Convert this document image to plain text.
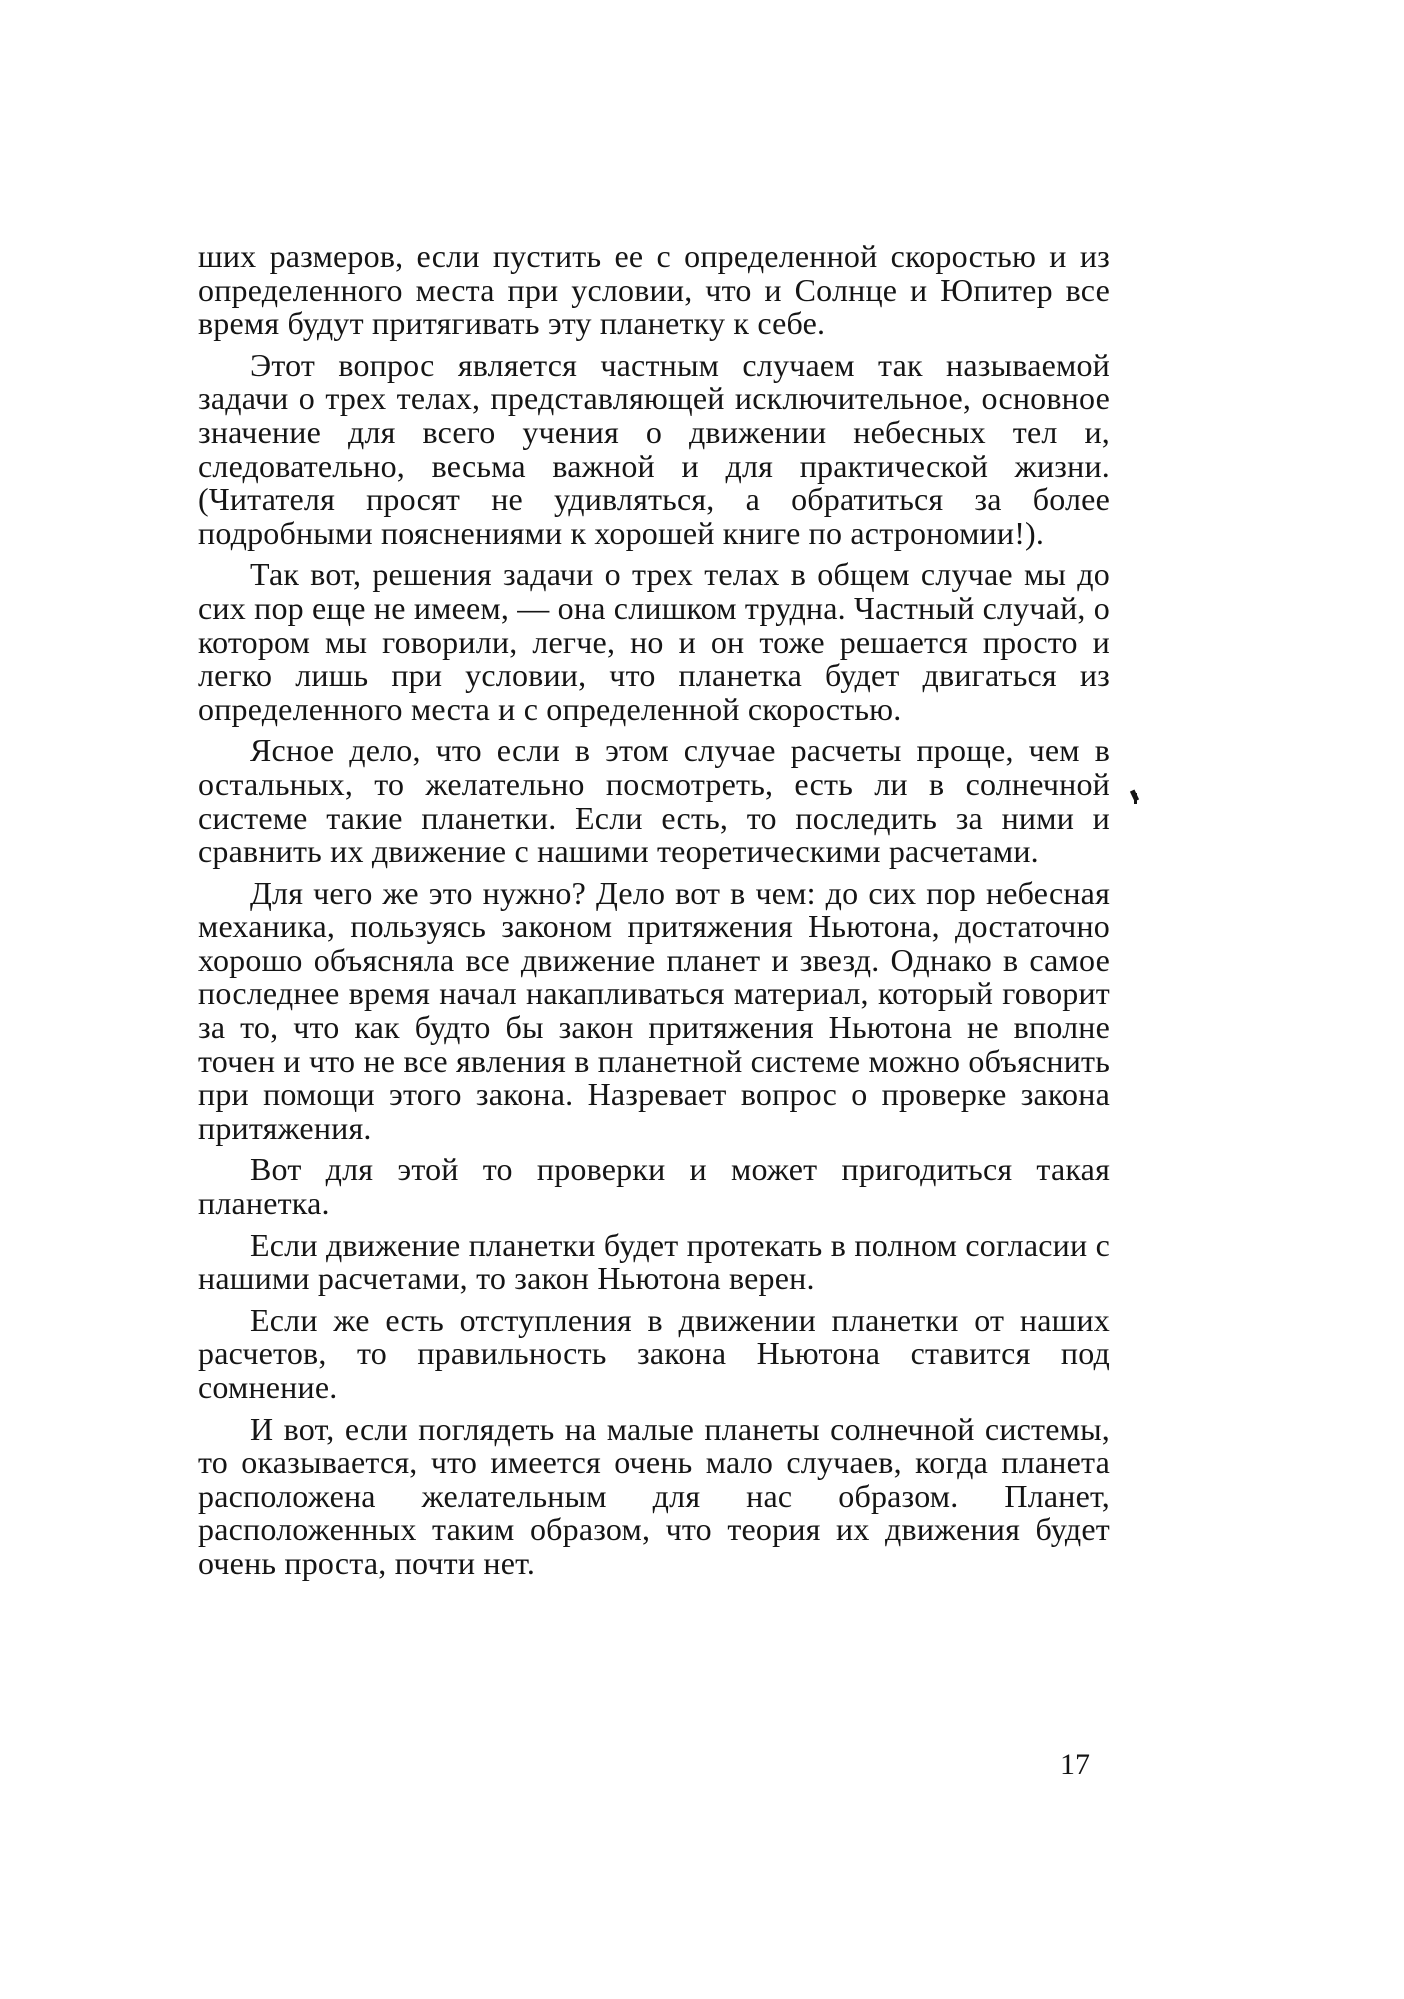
ших размеров, если пустить ее с определенной скоростью и из определенного места при условии, что и Солнце и Юпитер все время будут притягивать эту планетку к себе.

Этот вопрос является частным случаем так называемой задачи о трех телах, представляющей исключительное, основное значение для всего учения о движении небесных тел и, следовательно, весьма важной и для практической жизни. (Читателя просят не удивляться, а обратиться за более подробными пояснениями к хорошей книге по астрономии!).

Так вот, решения задачи о трех телах в общем случае мы до сих пор еще не имеем, — она слишком трудна. Частный случай, о котором мы говорили, легче, но и он тоже решается просто и легко лишь при условии, что планетка будет двигаться из определенного места и с определенной скоростью.

Ясное дело, что если в этом случае расчеты проще, чем в остальных, то желательно посмотреть, есть ли в солнечной системе такие планетки. Если есть, то последить за ними и сравнить их движение с нашими теоретическими расчетами.

Для чего же это нужно? Дело вот в чем: до сих пор небесная механика, пользуясь законом притяжения Ньютона, достаточно хорошо объясняла все движение планет и звезд. Однако в самое последнее время начал накапливаться материал, который говорит за то, что как будто бы закон притяжения Ньютона не вполне точен и что не все явления в планетной системе можно объяснить при помощи этого закона. Назревает вопрос о проверке закона притяжения.

Вот для этой то проверки и может пригодиться такая планетка.

Если движение планетки будет протекать в полном согласии с нашими расчетами, то закон Ньютона верен.

Если же есть отступления в движении планетки от наших расчетов, то правильность закона Ньютона ставится под сомнение.

И вот, если поглядеть на малые планеты солнечной системы, то оказывается, что имеется очень мало случаев, когда планета расположена желательным для нас образом. Планет, расположенных таким образом, что теория их движения будет очень проста, почти нет.

17
